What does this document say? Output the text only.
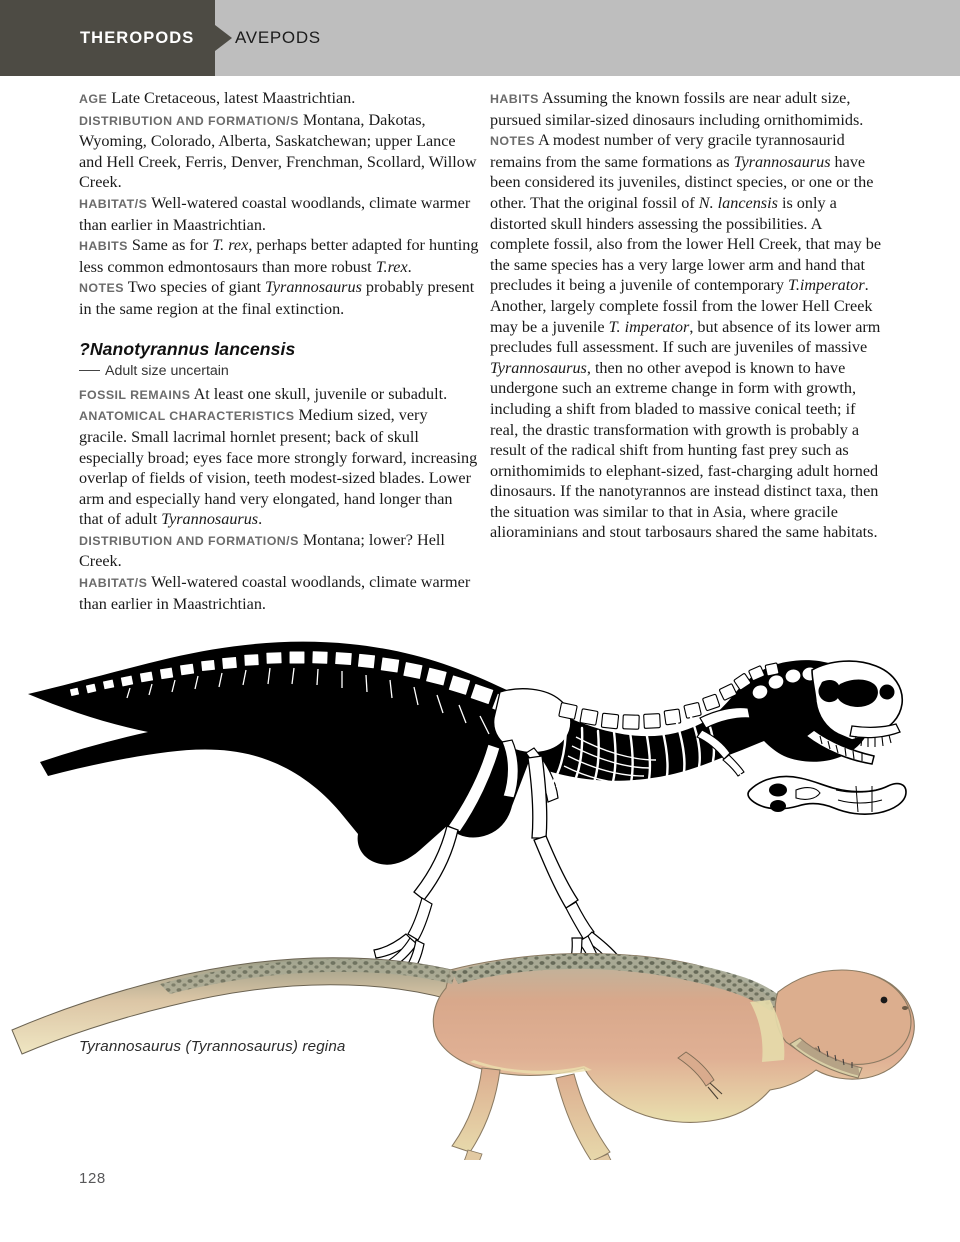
THEROPODS AVEPODS

AGE Late Cretaceous, latest Maastrichtian.

DISTRIBUTION AND FORMATION/S Montana, Dakotas, Wyoming, Colorado, Alberta, Saskatchewan; upper Lance and Hell Creek, Ferris, Denver, Frenchman, Scollard, Willow Creek.

HABITAT/S Well-watered coastal woodlands, climate warmer than earlier in Maastrichtian.

HABITS Same as for T. rex, perhaps better adapted for hunting less common edmontosaurs than more robust T.rex.

NOTES Two species of giant Tyrannosaurus probably present in the same region at the final extinction.

?Nanotyrannus lancensis
Adult size uncertain

FOSSIL REMAINS At least one skull, juvenile or subadult.

ANATOMICAL CHARACTERISTICS Medium sized, very gracile. Small lacrimal hornlet present; back of skull especially broad; eyes face more strongly forward, increasing overlap of fields of vision, teeth modest-sized blades. Lower arm and especially hand very elongated, hand longer than that of adult Tyrannosaurus.

DISTRIBUTION AND FORMATION/S Montana; lower? Hell Creek.

HABITAT/S Well-watered coastal woodlands, climate warmer than earlier in Maastrichtian.

HABITS Assuming the known fossils are near adult size, pursued similar-sized dinosaurs including ornithomimids.

NOTES A modest number of very gracile tyrannosaurid remains from the same formations as Tyrannosaurus have been considered its juveniles, distinct species, or one or the other. That the original fossil of N. lancensis is only a distorted skull hinders assessing the possibilities. A complete fossil, also from the lower Hell Creek, that may be the same species has a very large lower arm and hand that precludes it being a juvenile of contemporary T.imperator. Another, largely complete fossil from the lower Hell Creek may be a juvenile T. imperator, but absence of its lower arm precludes full assessment. If such are juveniles of massive Tyrannosaurus, then no other avepod is known to have undergone such an extreme change in form with growth, including a shift from bladed to massive conical teeth; if real, the drastic transformation with growth is probably a result of the radical shift from hunting fast prey such as ornithomimids to elephant-sized, fast-charging adult horned dinosaurs. If the nanotyrannos are instead distinct taxa, then the situation was similar to that in Asia, where gracile alioraminians and stout tarbosaurs shared the same habitats.

Tyrannosaurus (Tyrannosaurus) regina
128
